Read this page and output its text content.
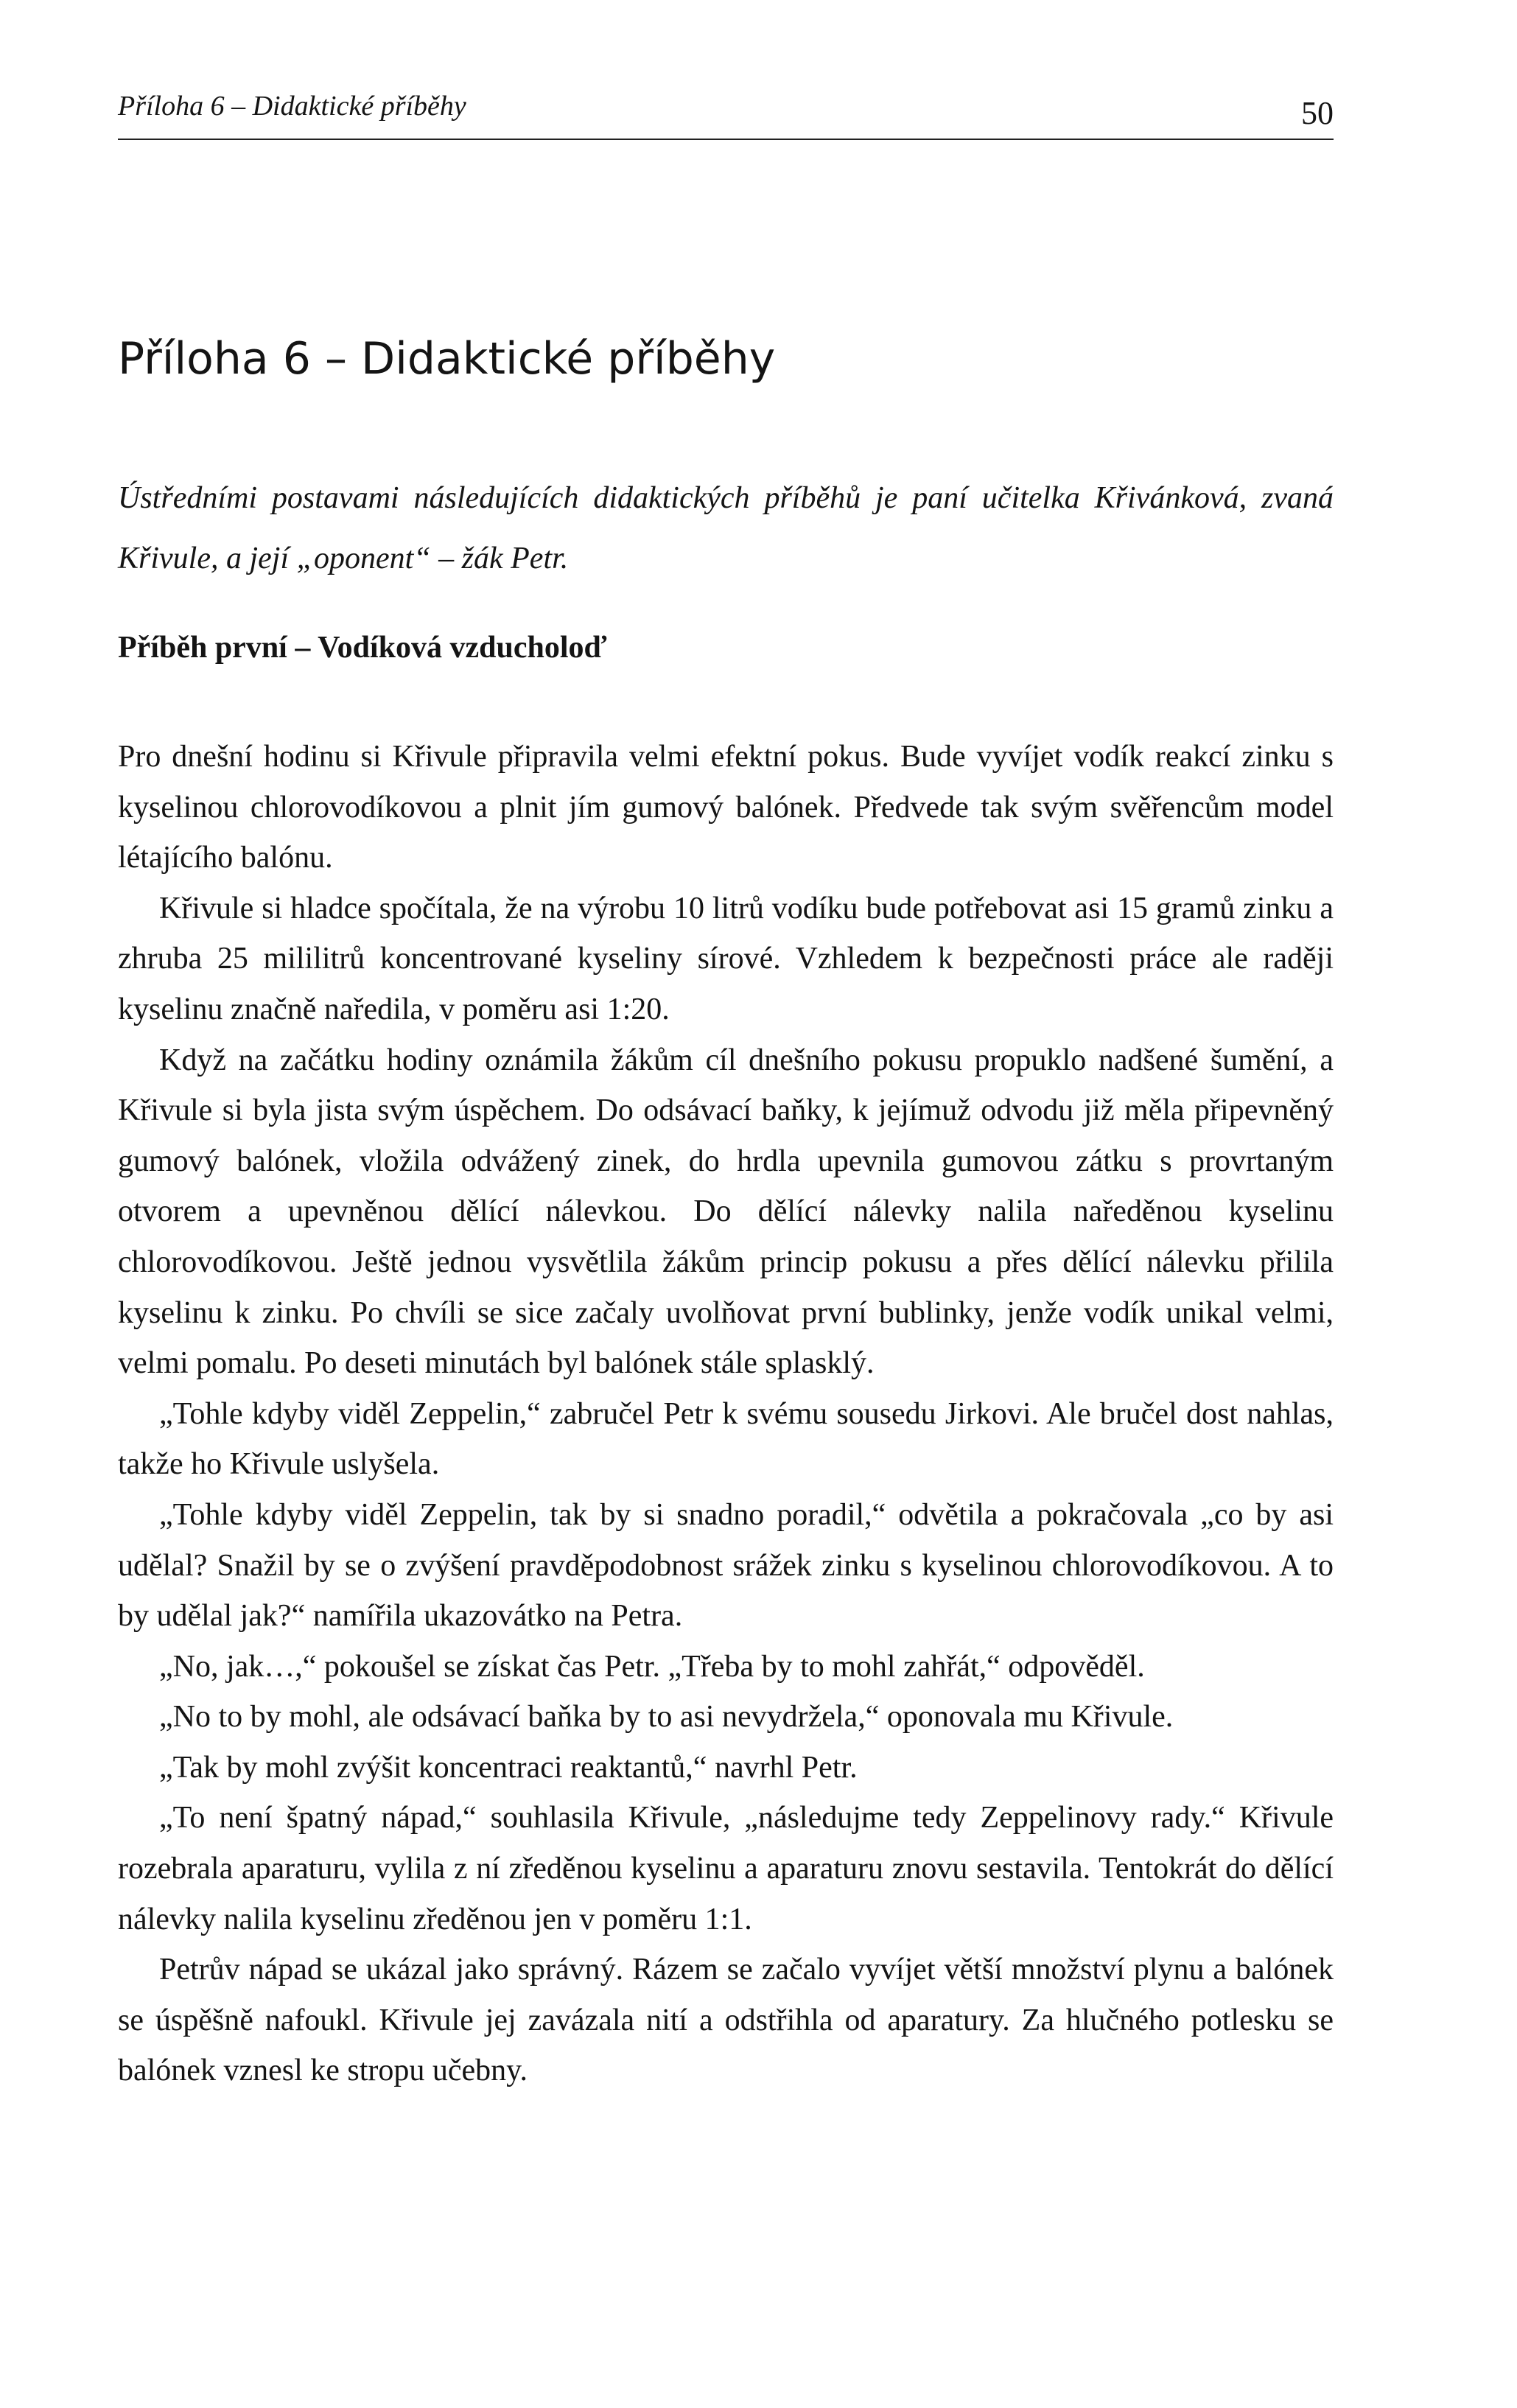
Příloha 6 – Didaktické příběhy	50
Příloha 6 – Didaktické příběhy

Ústředními postavami následujících didaktických příběhů je paní učitelka Křivánková, zvaná Křivule, a její „oponent“ – žák Petr.

Příběh první – Vodíková vzducholoď

Pro dnešní hodinu si Křivule připravila velmi efektní pokus. Bude vyvíjet vodík reakcí zinku s kyselinou chlorovodíkovou a plnit jím gumový balónek. Předvede tak svým svěřencům model létajícího balónu.

Křivule si hladce spočítala, že na výrobu 10 litrů vodíku bude potřebovat asi 15 gramů zinku a zhruba 25 mililitrů koncentrované kyseliny sírové. Vzhledem k bezpečnosti práce ale raději kyselinu značně naředila, v poměru asi 1:20.

Když na začátku hodiny oznámila žákům cíl dnešního pokusu propuklo nadšené šumění, a Křivule si byla jista svým úspěchem. Do odsávací baňky, k jejímuž odvodu již měla připevněný gumový balónek, vložila odvážený zinek, do hrdla upevnila gumovou zátku s provrtaným otvorem a upevněnou dělící nálevkou. Do dělící nálevky nalila naředěnou kyselinu chlorovodíkovou. Ještě jednou vysvětlila žákům princip pokusu a přes dělící nálevku přilila kyselinu k zinku. Po chvíli se sice začaly uvolňovat první bublinky, jenže vodík unikal velmi, velmi pomalu. Po deseti minutách byl balónek stále splasklý.

„Tohle kdyby viděl Zeppelin,“ zabručel Petr k svému sousedu Jirkovi. Ale bručel dost nahlas, takže ho Křivule uslyšela.

„Tohle kdyby viděl Zeppelin, tak by si snadno poradil,“ odvětila a pokračovala „co by asi udělal? Snažil by se o zvýšení pravděpodobnost srážek zinku s kyselinou chlorovodíkovou. A to by udělal jak?“ namířila ukazovátko na Petra.

„No, jak…,“ pokoušel se získat čas Petr. „Třeba by to mohl zahřát,“ odpověděl.

„No to by mohl, ale odsávací baňka by to asi nevydržela,“ oponovala mu Křivule.

„Tak by mohl zvýšit koncentraci reaktantů,“ navrhl Petr.

„To není špatný nápad,“ souhlasila Křivule, „následujme tedy Zeppelinovy rady.“ Křivule rozebrala aparaturu, vylila z ní zředěnou kyselinu a aparaturu znovu sestavila. Tentokrát do dělící nálevky nalila kyselinu zředěnou jen v poměru 1:1.

Petrův nápad se ukázal jako správný. Rázem se začalo vyvíjet větší množství plynu a balónek se úspěšně nafoukl. Křivule jej zavázala nití a odstřihla od aparatury. Za hlučného potlesku se balónek vznesl ke stropu učebny.
